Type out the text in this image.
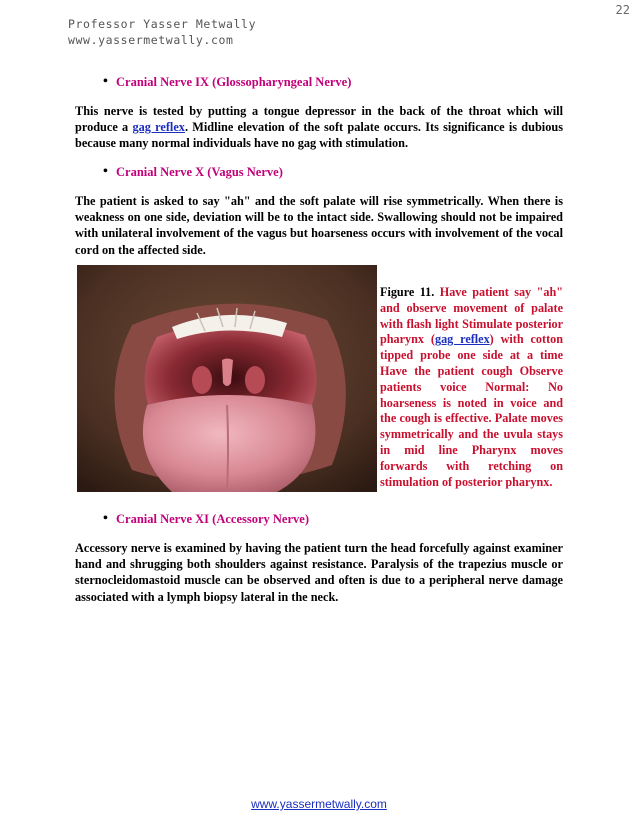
22
Professor Yasser Metwally
www.yassermetwally.com
• Cranial Nerve IX (Glossopharyngeal Nerve)
This nerve is tested by putting a tongue depressor in the back of the throat which will produce a gag reflex. Midline elevation of the soft palate occurs. Its significance is dubious because many normal individuals have no gag with stimulation.
• Cranial Nerve X (Vagus Nerve)
The patient is asked to say "ah" and the soft palate will rise symmetrically. When there is weakness on one side, deviation will be to the intact side. Swallowing should not be impaired with unilateral involvement of the vagus but hoarseness occurs with involvement of the vocal cord on the affected side.
Figure 11. Have patient say "ah" and observe movement of palate with flash light Stimulate posterior pharynx (gag reflex) with cotton tipped probe one side at a time Have the patient cough Observe patients voice Normal: No hoarseness is noted in voice and the cough is effective. Palate moves symmetrically and the uvula stays in mid line Pharynx moves forwards with retching on stimulation of posterior pharynx.
• Cranial Nerve XI (Accessory Nerve)
Accessory nerve is examined by having the patient turn the head forcefully against examiner hand and shrugging both shoulders against resistance. Paralysis of the trapezius muscle or sternocleidomastoid muscle can be observed and often is due to a peripheral nerve damage associated with a lymph biopsy lateral in the neck.
www.yassermetwally.com
